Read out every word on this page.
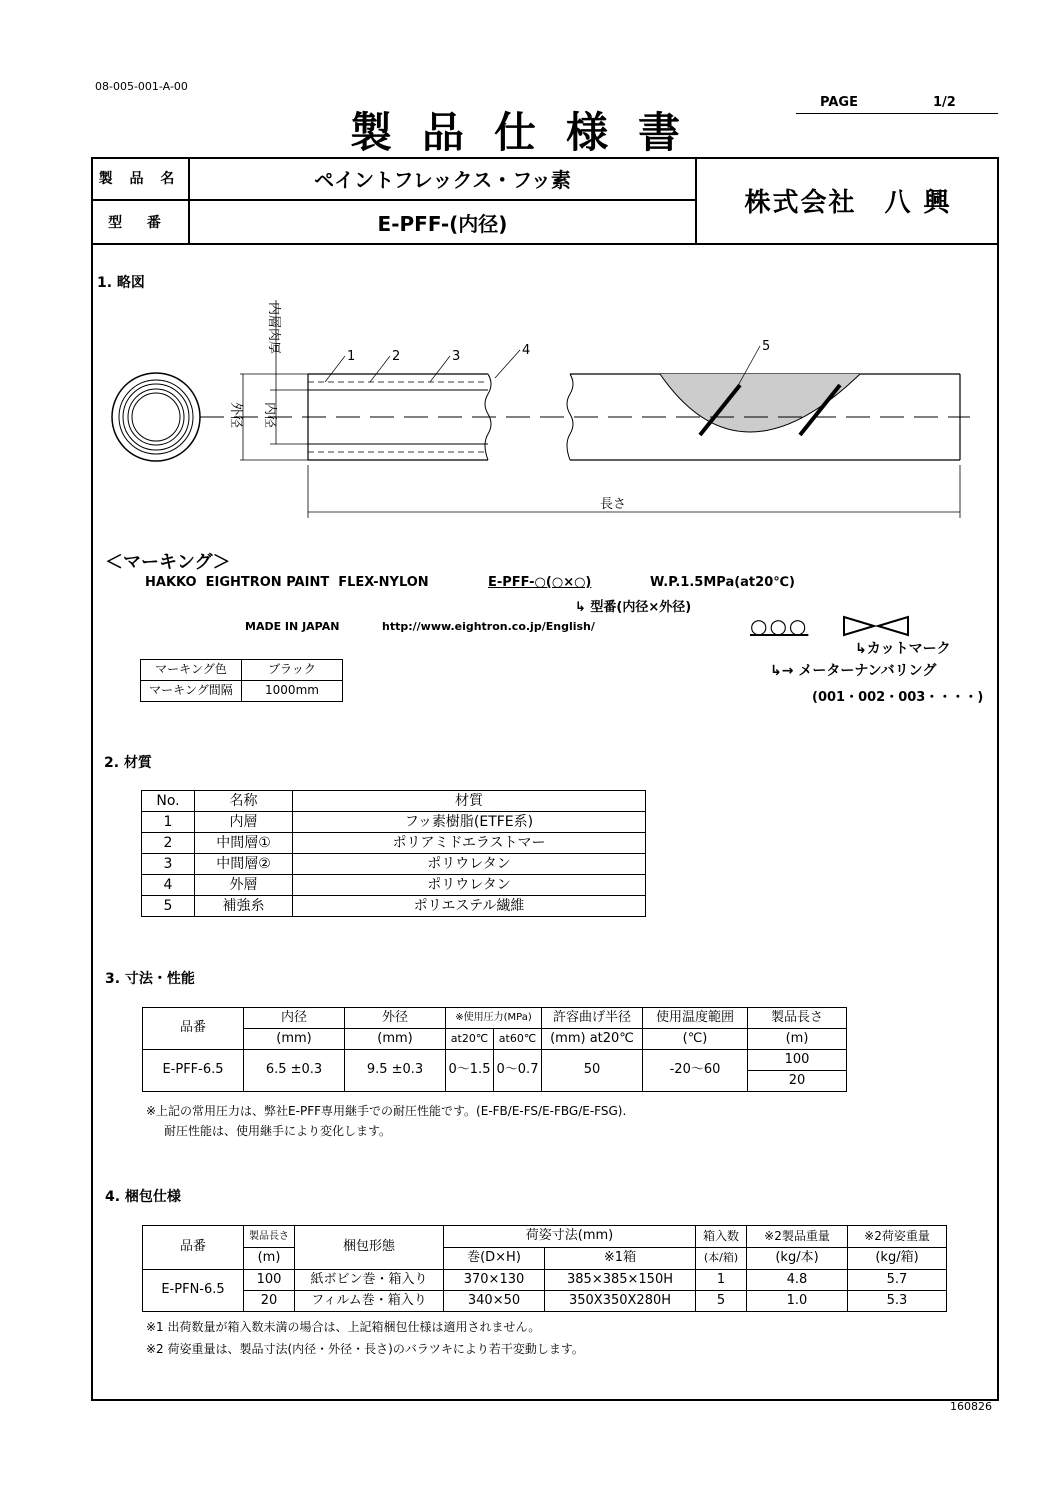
08-005-001-A-00
製品仕様書
PAGE	1/2
製 品 名	ペイントフレックス・フッ素
型 番	E-PFF-(内径)
株式会社　八 興
1. 略図
内層肉厚
外径 内径
1	2	3	4	5
長さ
＜マーキング＞
HAKKO  EIGHTRON PAINT  FLEX-NYLON	E-PFF-○(○×○)	W.P.1.5MPa(at20℃)
↳ 型番(内径×外径)
MADE IN JAPAN	http://www.eightron.co.jp/English/	○○○
↳カットマーク
↳→ メーターナンバリング
(001・002・003・・・・)
マーキング色	ブラック
マーキング間隔	1000mm
2. 材質
No.	名称	材質
1	内層	フッ素樹脂(ETFE系)
2	中間層①	ポリアミドエラストマー
3	中間層②	ポリウレタン
4	外層	ポリウレタン
5	補強糸	ポリエステル繊維
3. 寸法・性能
品番	内径	外径	※使用圧力(MPa)		許容曲げ半径	使用温度範囲	製品長さ
	(mm)	(mm)	at20℃	at60℃	(mm) at20℃	(℃)	(m)
E-PFF-6.5	6.5 ±0.3	9.5 ±0.3	0～1.5	0～0.7	50	-20～60	100
							20
※上記の常用圧力は、弊社E-PFF専用継手での耐圧性能です。(E-FB/E-FS/E-FBG/E-FSG).
耐圧性能は、使用継手により変化します。
4. 梱包仕様
品番	製品長さ	梱包形態	荷姿寸法(mm)		箱入数	※2製品重量	※2荷姿重量
	(m)		巻(D×H)	※1箱	(本/箱)	(kg/本)	(kg/箱)
E-PFN-6.5	100	紙ボビン巻・箱入り	370×130	385×385×150H	1	4.8	5.7
	20	フィルム巻・箱入り	340×50	350X350X280H	5	1.0	5.3
※1 出荷数量が箱入数未満の場合は、上記箱梱包仕様は適用されません。
※2 荷姿重量は、製品寸法(内径・外径・長さ)のバラツキにより若干変動します。
160826
